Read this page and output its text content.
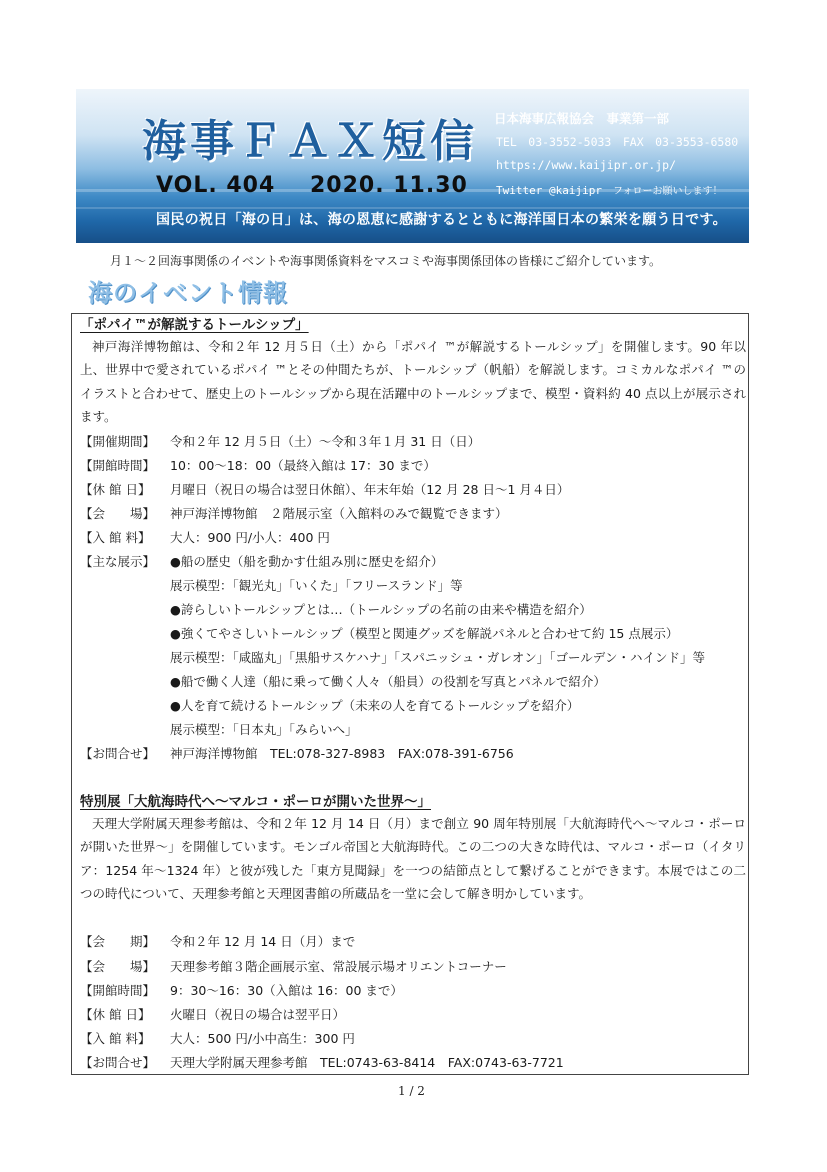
海事ＦＡＸ短信
VOL. 404 2020. 11.30
日本海事広報協会　事業第一部
TEL　03-3552-5033　FAX　03-3553-6580
https://www.kaijipr.or.jp/
Twitter @kaijipr　 フォローお願いします！
国民の祝日「海の日」は、海の恩恵に感謝するとともに海洋国日本の繁栄を願う日です。
月１～２回海事関係のイベントや海事関係資料をマスコミや海事関係団体の皆様にご紹介しています。
海のイベント情報
「ポパイ™が解説するトールシップ」
神戸海洋博物館は、令和２年 12 月５日（土）から「ポパイ ™が解説するトールシップ」を開催します。90 年以上、世界中で愛されているポパイ ™とその仲間たちが、トールシップ（帆船）を解説します。コミカルなポパイ ™のイラストと合わせて、歴史上のトールシップから現在活躍中のトールシップまで、模型・資料約 40 点以上が展示されます。
【開催期間】 令和２年 12 月５日（土）～令和３年１月 31 日（日）
【開館時間】 10：00～18：00（最終入館は 17：30 まで）
【休 館 日】 月曜日（祝日の場合は翌日休館）、年末年始（12 月 28 日～1 月４日）
【会　　場】 神戸海洋博物館　２階展示室（入館料のみで観覧できます）
【入 館 料】 大人：900 円/小人：400 円
【主な展示】 ●船の歴史（船を動かす仕組み別に歴史を紹介）
展示模型：「観光丸」「いくた」「フリースランド」等
●誇らしいトールシップとは…（トールシップの名前の由来や構造を紹介）
●強くてやさしいトールシップ（模型と関連グッズを解説パネルと合わせて約 15 点展示）
展示模型：「咸臨丸」「黒船サスケハナ」「スパニッシュ・ガレオン」「ゴールデン・ハインド」等
●船で働く人達（船に乗って働く人々（船員）の役割を写真とパネルで紹介）
●人を育て続けるトールシップ（未来の人を育てるトールシップを紹介）
展示模型：「日本丸」「みらいへ」
【お問合せ】 神戸海洋博物館　TEL:078-327-8983　FAX:078-391-6756
特別展「大航海時代へ～マルコ・ポーロが開いた世界～」
天理大学附属天理参考館は、令和２年 12 月 14 日（月）まで創立 90 周年特別展「大航海時代へ～マルコ・ポーロが開いた世界～」を開催しています。モンゴル帝国と大航海時代。この二つの大きな時代は、マルコ・ポーロ（イタリア：1254 年～1324 年）と彼が残した「東方見聞録」を一つの結節点として繋げることができます。本展ではこの二つの時代について、天理参考館と天理図書館の所蔵品を一堂に会して解き明かしています。
【会　　期】 令和２年 12 月 14 日（月）まで
【会　　場】 天理参考館３階企画展示室、常設展示場オリエントコーナー
【開館時間】 9：30～16：30（入館は 16：00 まで）
【休 館 日】 火曜日（祝日の場合は翌平日）
【入 館 料】 大人：500 円/小中高生：300 円
【お問合せ】 天理大学附属天理参考館　TEL:0743-63-8414　FAX:0743-63-7721
1 / 2
